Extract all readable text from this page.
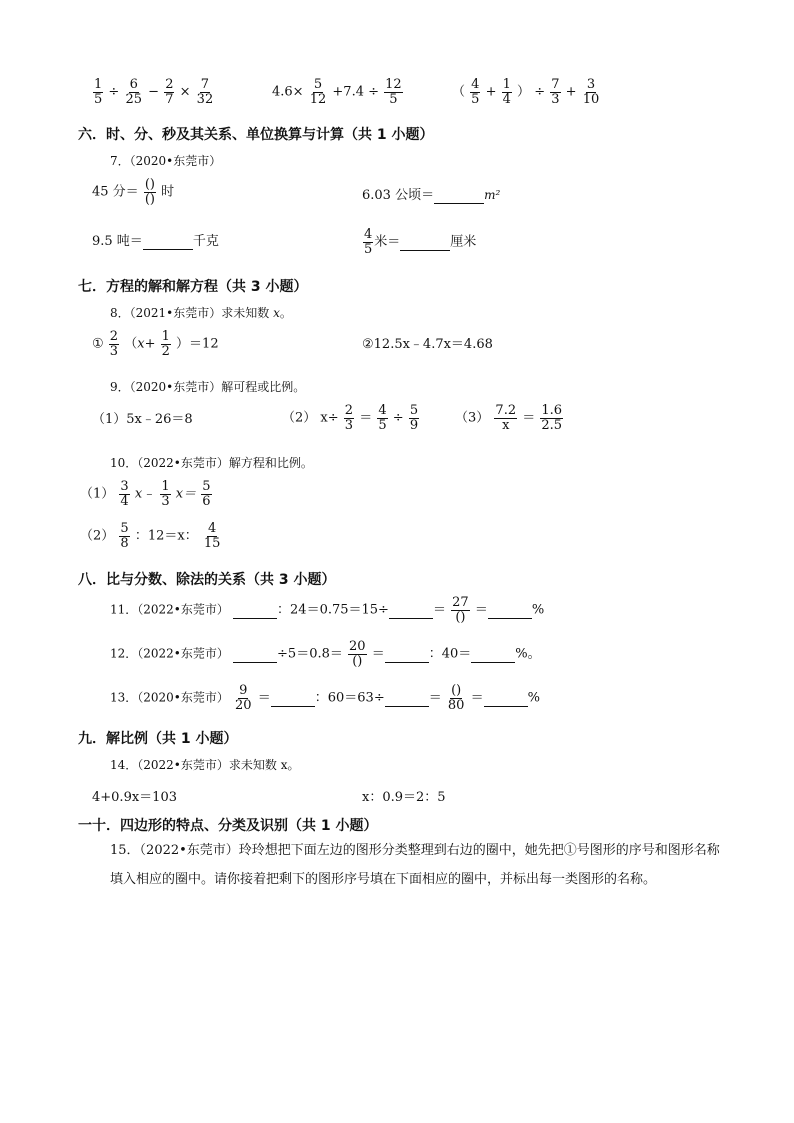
$\frac{1}{5} \div \frac{6}{25} - \frac{2}{7} \times \frac{7}{32}$	$4.6\times \frac{5}{12} +7.4 \div \frac{12}{5}$	（ $\frac{4}{5} + \frac{1}{4}$ ） ÷ $\frac{7}{3} + \frac{3}{10}$
六．时、分、秒及其关系、单位换算与计算（共 1 小题）
7．（2020•东莞市）
45 分＝ $\frac{()}{()}$ 时	6.03 公顷＝	m²
9.5 吨＝	千克	$\frac{4}{5}$ 米＝	厘米
七．方程的解和解方程（共 3 小题）
8．（2021•东莞市）求未知数 x。
① $\frac{2}{3} (x+ \frac{1}{2} )=12$	②12.5x﹣4.7x＝4.68
9．（2020•东莞市）解可程或比例。
（1）5x﹣26＝8	（2） $x\div \frac{2}{3} = \frac{4}{5} \div \frac{5}{9}$	$(3) \frac{7.2}{x} = \frac{1.6}{2.5}$
10．（2022•东莞市）解方程和比例。
$(1) \frac{3}{4}$ x﹣ $\frac{1}{3} x= \frac{5}{6}$
$(2) \frac{5}{8}$ ：12＝x： $\frac{4}{15}$
八．比与分数、除法的关系（共 3 小题）
11．（2022•东莞市）	：24＝0.75＝15÷	＝ $\frac{27}{()}$ ＝	%
12．（2022•东莞市）	$\div 5=0.8= \frac{20}{()}$ ＝	：40＝	%。
13．（2020•东莞市） $\frac{9}{20}$ ＝	：60＝63÷	＝ $\frac{()}{80}$ ＝	%
九．解比例（共 1 小题）
14．（2022•东莞市）求未知数 x。
4+0.9x＝103	x：0.9＝2：5
一十．四边形的特点、分类及识别（共 1 小题）
15．（2022•东莞市）玲玲想把下面左边的图形分类整理到右边的圈中，她先把①号图形的序号和图形名称填入相应的圈中。请你接着把剩下的图形序号填在下面相应的圈中，并标出每一类图形的名称。
